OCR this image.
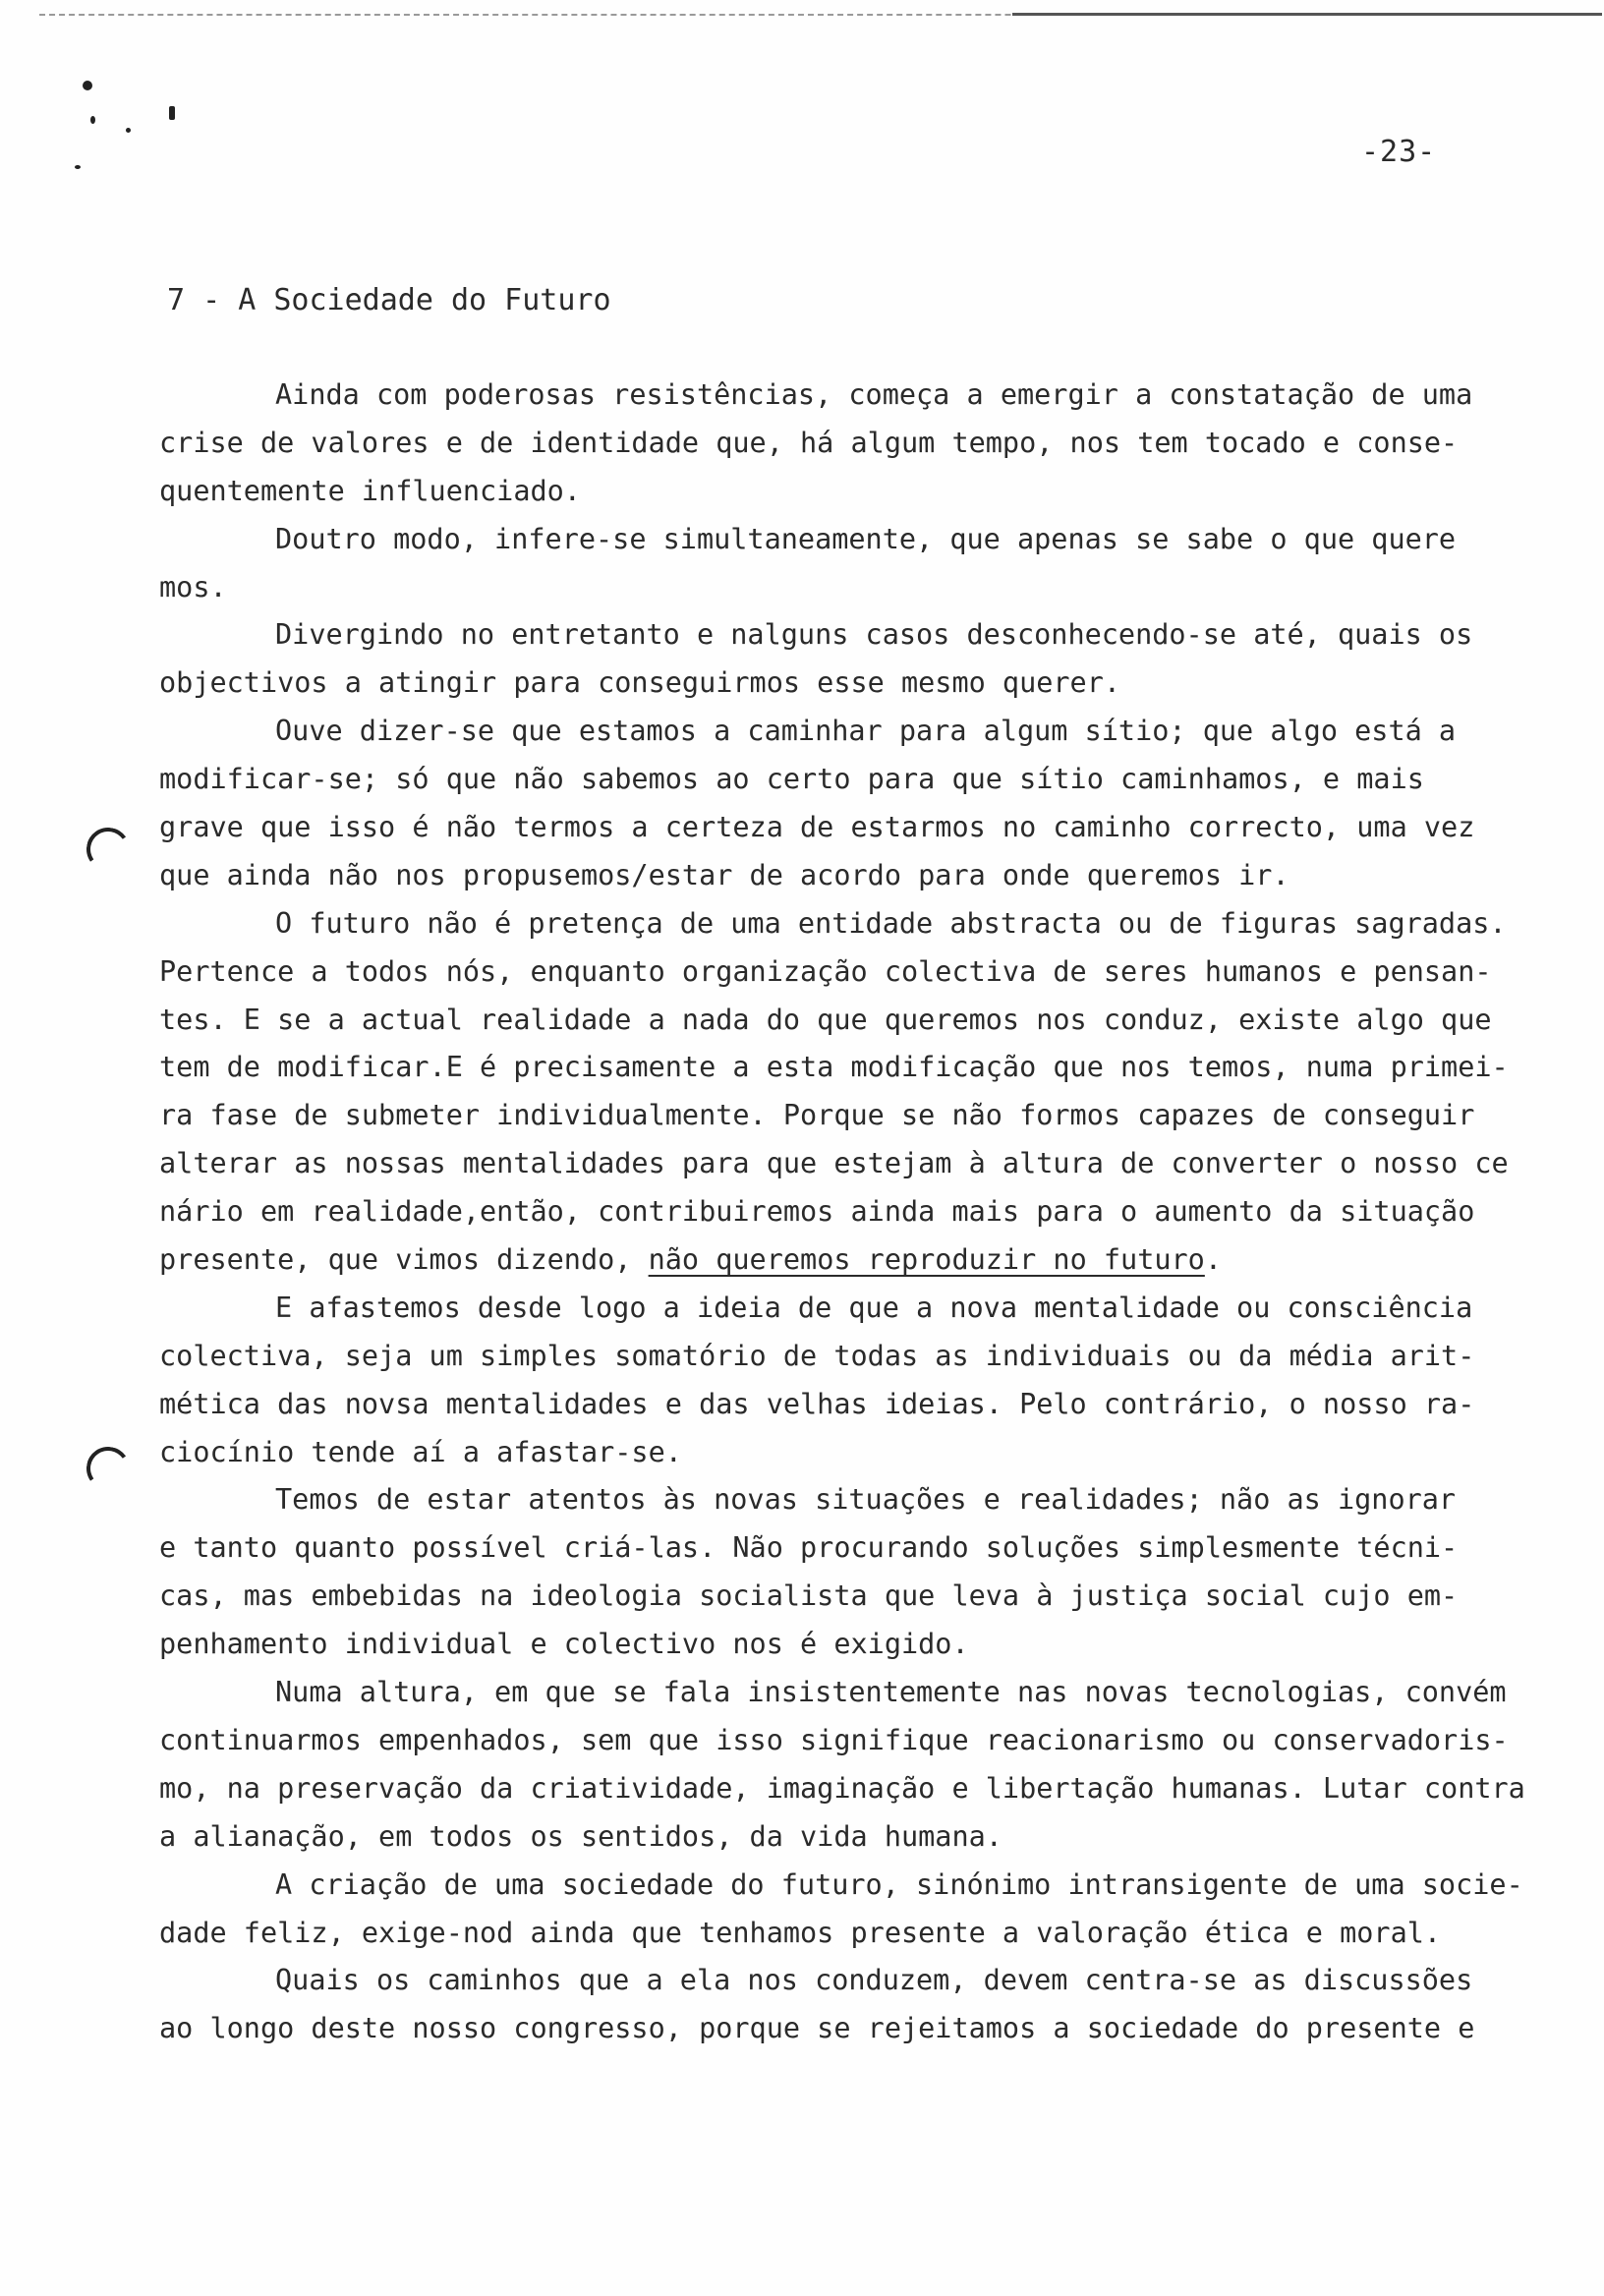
-23-
7 - A Sociedade do Futuro
Ainda com poderosas resistências, começa a emergir a constatação de uma
crise de valores e de identidade que, há algum tempo, nos tem tocado e conse-
quentemente influenciado.
Doutro modo, infere-se simultaneamente, que apenas se sabe o que quere
mos.
Divergindo no entretanto e nalguns casos desconhecendo-se até, quais os
objectivos a atingir para conseguirmos esse mesmo querer.
Ouve dizer-se que estamos a caminhar para algum sítio; que algo está a
modificar-se; só que não sabemos ao certo para que sítio caminhamos, e mais
grave que isso é não termos a certeza de estarmos no caminho correcto, uma vez
que ainda não nos propusemos/estar de acordo para onde queremos ir.
O futuro não é pretença de uma entidade abstracta ou de figuras sagradas.
Pertence a todos nós, enquanto organização colectiva de seres humanos e pensan-
tes. E se a actual realidade a nada do que queremos nos conduz, existe algo que
tem de modificar.E é precisamente a esta modificação que nos temos, numa primei-
ra fase de submeter individualmente. Porque se não formos capazes de conseguir
alterar as nossas mentalidades para que estejam à altura de converter o nosso ce
nário em realidade,então, contribuiremos ainda mais para o aumento da situação
presente, que vimos dizendo, não queremos reproduzir no futuro.
E afastemos desde logo a ideia de que a nova mentalidade ou consciência
colectiva, seja um simples somatório de todas as individuais ou da média arit-
mética das novsa mentalidades e das velhas ideias. Pelo contrário, o nosso ra-
ciocínio tende aí a afastar-se.
Temos de estar atentos às novas situações e realidades; não as ignorar
e tanto quanto possível criá-las. Não procurando soluções simplesmente técni-
cas, mas embebidas na ideologia socialista que leva à justiça social cujo em-
penhamento individual e colectivo nos é exigido.
Numa altura, em que se fala insistentemente nas novas tecnologias, convém
continuarmos empenhados, sem que isso signifique reacionarismo ou conservadoris-
mo, na preservação da criatividade, imaginação e libertação humanas. Lutar contra
a alianação, em todos os sentidos, da vida humana.
A criação de uma sociedade do futuro, sinónimo intransigente de uma socie-
dade feliz, exige-nod ainda que tenhamos presente a valoração ética e moral.
Quais os caminhos que a ela nos conduzem, devem centra-se as discussões
ao longo deste nosso congresso, porque se rejeitamos a sociedade do presente e
